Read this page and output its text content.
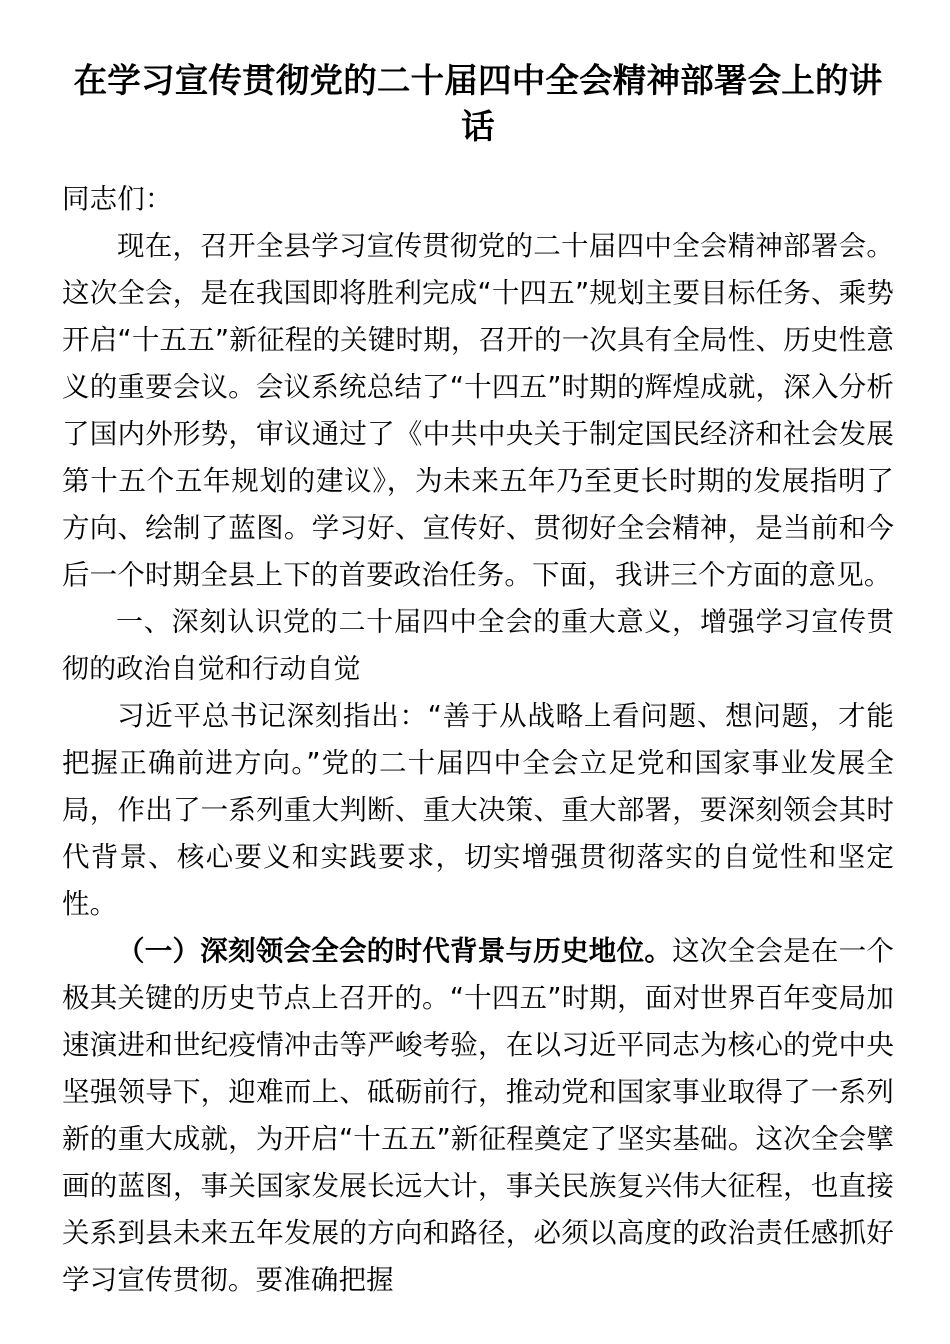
在学习宣传贯彻党的二十届四中全会精神部署会上的讲话

同志们：

现在，召开全县学习宣传贯彻党的二十届四中全会精神部署会。这次全会，是在我国即将胜利完成“十四五”规划主要目标任务、乘势开启“十五五”新征程的关键时期，召开的一次具有全局性、历史性意义的重要会议。会议系统总结了“十四五”时期的辉煌成就，深入分析了国内外形势，审议通过了《中共中央关于制定国民经济和社会发展第十五个五年规划的建议》，为未来五年乃至更长时期的发展指明了方向、绘制了蓝图。学习好、宣传好、贯彻好全会精神，是当前和今后一个时期全县上下的首要政治任务。下面，我讲三个方面的意见。

一、深刻认识党的二十届四中全会的重大意义，增强学习宣传贯彻的政治自觉和行动自觉

习近平总书记深刻指出：“善于从战略上看问题、想问题，才能把握正确前进方向。”党的二十届四中全会立足党和国家事业发展全局，作出了一系列重大判断、重大决策、重大部署，要深刻领会其时代背景、核心要义和实践要求，切实增强贯彻落实的自觉性和坚定性。

（一）深刻领会全会的时代背景与历史地位。这次全会是在一个极其关键的历史节点上召开的。“十四五”时期，面对世界百年变局加速演进和世纪疫情冲击等严峻考验，在以习近平同志为核心的党中央坚强领导下，迎难而上、砥砺前行，推动党和国家事业取得了一系列新的重大成就，为开启“十五五”新征程奠定了坚实基础。这次全会擘画的蓝图，事关国家发展长远大计，事关民族复兴伟大征程，也直接关系到县未来五年发展的方向和路径，必须以高度的政治责任感抓好学习宣传贯彻。要准确把握
